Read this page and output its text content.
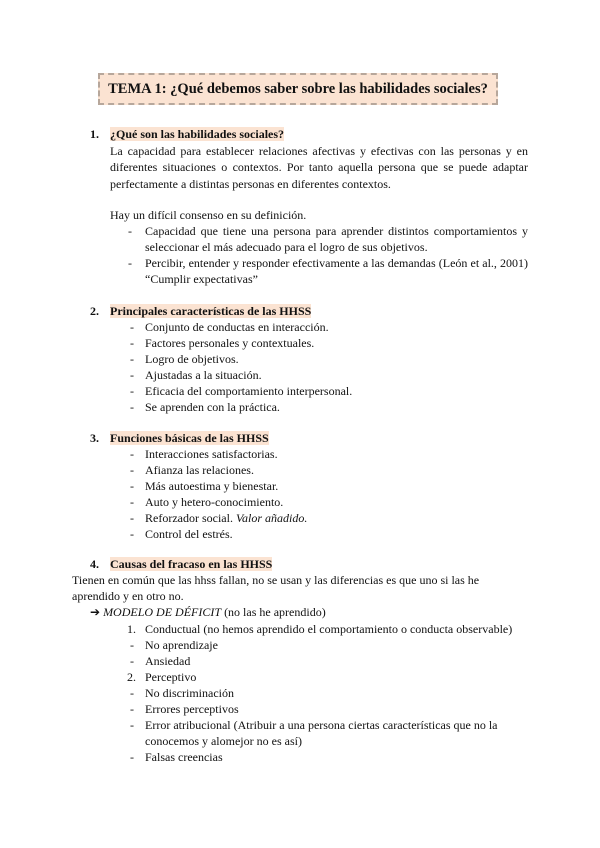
TEMA 1: ¿Qué debemos saber sobre las habilidades sociales?
1. ¿Qué son las habilidades sociales?
La capacidad para establecer relaciones afectivas y efectivas con las personas y en diferentes situaciones o contextos. Por tanto aquella persona que se puede adaptar perfectamente a distintas personas en diferentes contextos.
Hay un difícil consenso en su definición.
- Capacidad que tiene una persona para aprender distintos comportamientos y seleccionar el más adecuado para el logro de sus objetivos.
- Percibir, entender y responder efectivamente a las demandas (León et al., 2001) “Cumplir expectativas”
2. Principales características de las HHSS
- Conjunto de conductas en interacción.
- Factores personales y contextuales.
- Logro de objetivos.
- Ajustadas a la situación.
- Eficacia del comportamiento interpersonal.
- Se aprenden con la práctica.
3. Funciones básicas de las HHSS
- Interacciones satisfactorias.
- Afianza las relaciones.
- Más autoestima y bienestar.
- Auto y hetero-conocimiento.
- Reforzador social. Valor añadido.
- Control del estrés.
4. Causas del fracaso en las HHSS
Tienen en común que las hhss fallan, no se usan y las diferencias es que uno si las he
aprendido y en otro no.
➔ MODELO DE DÉFICIT (no las he aprendido)
1. Conductual (no hemos aprendido el comportamiento o conducta observable)
- No aprendizaje
- Ansiedad
2. Perceptivo
- No discriminación
- Errores perceptivos
- Error atribucional (Atribuir a una persona ciertas características que no la
conocemos y alomejor no es así)
- Falsas creencias
